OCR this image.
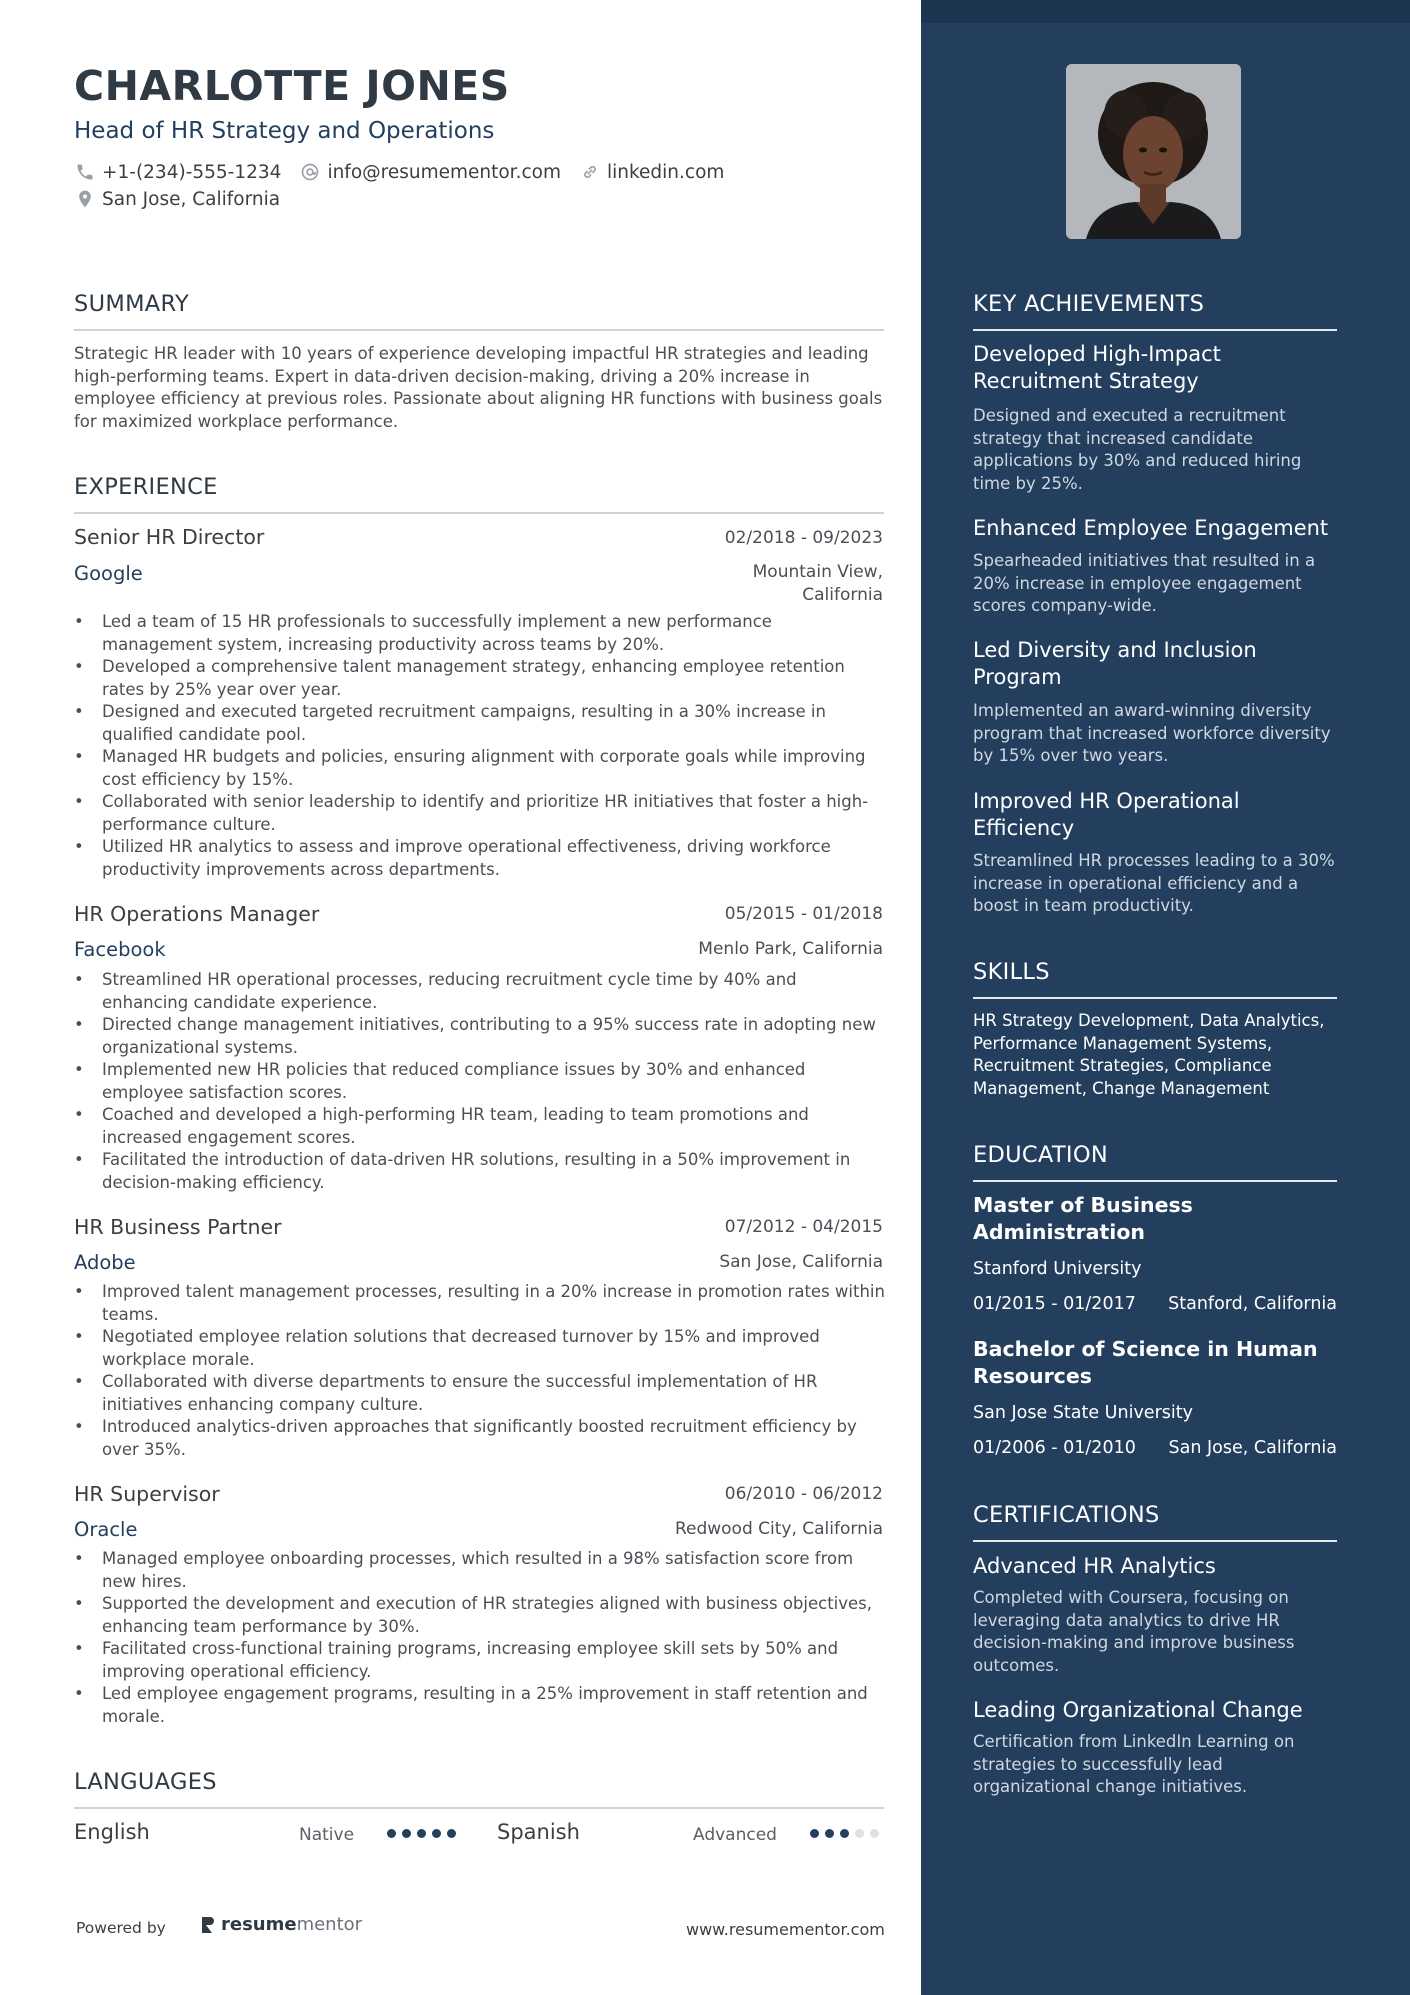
CHARLOTTE JONES
Head of HR Strategy and Operations
+1-(234)-555-1234 info@resumementor.com linkedin.com
San Jose, California
SUMMARY
Strategic HR leader with 10 years of experience developing impactful HR strategies and leading high-performing teams. Expert in data-driven decision-making, driving a 20% increase in employee efficiency at previous roles. Passionate about aligning HR functions with business goals for maximized workplace performance.
EXPERIENCE
Senior HR Director	02/2018 - 09/2023
Google	Mountain View, California
• Led a team of 15 HR professionals to successfully implement a new performance management system, increasing productivity across teams by 20%.
• Developed a comprehensive talent management strategy, enhancing employee retention rates by 25% year over year.
• Designed and executed targeted recruitment campaigns, resulting in a 30% increase in qualified candidate pool.
• Managed HR budgets and policies, ensuring alignment with corporate goals while improving cost efficiency by 15%.
• Collaborated with senior leadership to identify and prioritize HR initiatives that foster a high-performance culture.
• Utilized HR analytics to assess and improve operational effectiveness, driving workforce productivity improvements across departments.
HR Operations Manager	05/2015 - 01/2018
Facebook	Menlo Park, California
• Streamlined HR operational processes, reducing recruitment cycle time by 40% and enhancing candidate experience.
• Directed change management initiatives, contributing to a 95% success rate in adopting new organizational systems.
• Implemented new HR policies that reduced compliance issues by 30% and enhanced employee satisfaction scores.
• Coached and developed a high-performing HR team, leading to team promotions and increased engagement scores.
• Facilitated the introduction of data-driven HR solutions, resulting in a 50% improvement in decision-making efficiency.
HR Business Partner	07/2012 - 04/2015
Adobe	San Jose, California
• Improved talent management processes, resulting in a 20% increase in promotion rates within teams.
• Negotiated employee relation solutions that decreased turnover by 15% and improved workplace morale.
• Collaborated with diverse departments to ensure the successful implementation of HR initiatives enhancing company culture.
• Introduced analytics-driven approaches that significantly boosted recruitment efficiency by over 35%.
HR Supervisor	06/2010 - 06/2012
Oracle	Redwood City, California
• Managed employee onboarding processes, which resulted in a 98% satisfaction score from new hires.
• Supported the development and execution of HR strategies aligned with business objectives, enhancing team performance by 30%.
• Facilitated cross-functional training programs, increasing employee skill sets by 50% and improving operational efficiency.
• Led employee engagement programs, resulting in a 25% improvement in staff retention and morale.
LANGUAGES
English	Native	Spanish	Advanced
Powered by	resume mentor	www.resumementor.com
KEY ACHIEVEMENTS
Developed High-Impact Recruitment Strategy
Designed and executed a recruitment strategy that increased candidate applications by 30% and reduced hiring time by 25%.
Enhanced Employee Engagement
Spearheaded initiatives that resulted in a 20% increase in employee engagement scores company-wide.
Led Diversity and Inclusion Program
Implemented an award-winning diversity program that increased workforce diversity by 15% over two years.
Improved HR Operational Efficiency
Streamlined HR processes leading to a 30% increase in operational efficiency and a boost in team productivity.
SKILLS
HR Strategy Development, Data Analytics, Performance Management Systems, Recruitment Strategies, Compliance Management, Change Management
EDUCATION
Master of Business Administration
Stanford University
01/2015 - 01/2017 Stanford, California
Bachelor of Science in Human Resources
San Jose State University
01/2006 - 01/2010 San Jose, California
CERTIFICATIONS
Advanced HR Analytics
Completed with Coursera, focusing on leveraging data analytics to drive HR decision-making and improve business outcomes.
Leading Organizational Change
Certification from LinkedIn Learning on strategies to successfully lead organizational change initiatives.
